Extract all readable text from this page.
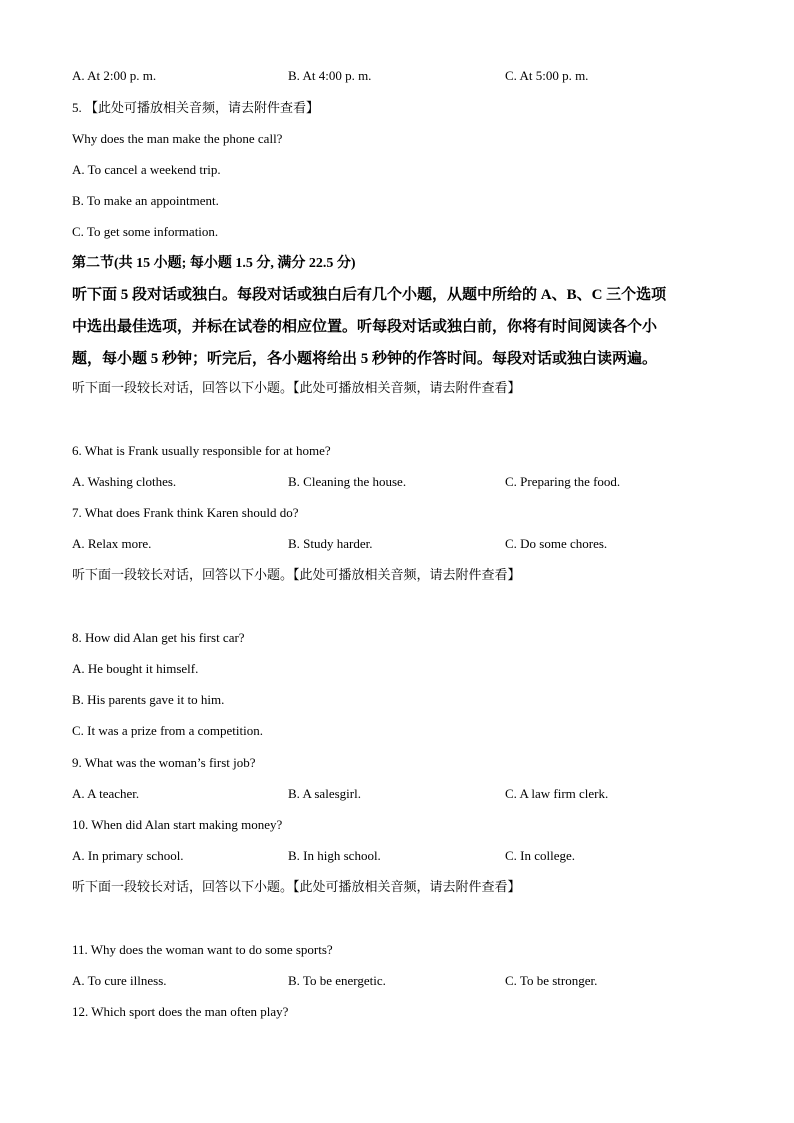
A. At 2:00 p. m.	B. At 4:00 p. m.	C. At 5:00 p. m.
5. 【此处可播放相关音频，请去附件查看】
Why does the man make the phone call?
A. To cancel a weekend trip.
B. To make an appointment.
C. To get some information.
第二节(共 15 小题; 每小题 1.5 分, 满分 22.5 分)
听下面 5 段对话或独白。每段对话或独白后有几个小题，从题中所给的 A、B、C 三个选项
中选出最佳选项，并标在试卷的相应位置。听每段对话或独白前，你将有时间阅读各个小
题，每小题 5 秒钟；听完后，各小题将给出 5 秒钟的作答时间。每段对话或独白读两遍。
听下面一段较长对话，回答以下小题。【此处可播放相关音频，请去附件查看】
6. What is Frank usually responsible for at home?
A. Washing clothes.	B. Cleaning the house.	C. Preparing the food.
7. What does Frank think Karen should do?
A. Relax more.	B. Study harder.	C. Do some chores.
听下面一段较长对话，回答以下小题。【此处可播放相关音频，请去附件查看】
8. How did Alan get his first car?
A. He bought it himself.
B. His parents gave it to him.
C. It was a prize from a competition.
9. What was the woman’s first job?
A. A teacher.	B. A salesgirl.	C. A law firm clerk.
10. When did Alan start making money?
A. In primary school.	B. In high school.	C. In college.
听下面一段较长对话，回答以下小题。【此处可播放相关音频，请去附件查看】
11. Why does the woman want to do some sports?
A. To cure illness.	B. To be energetic.	C. To be stronger.
12. Which sport does the man often play?
